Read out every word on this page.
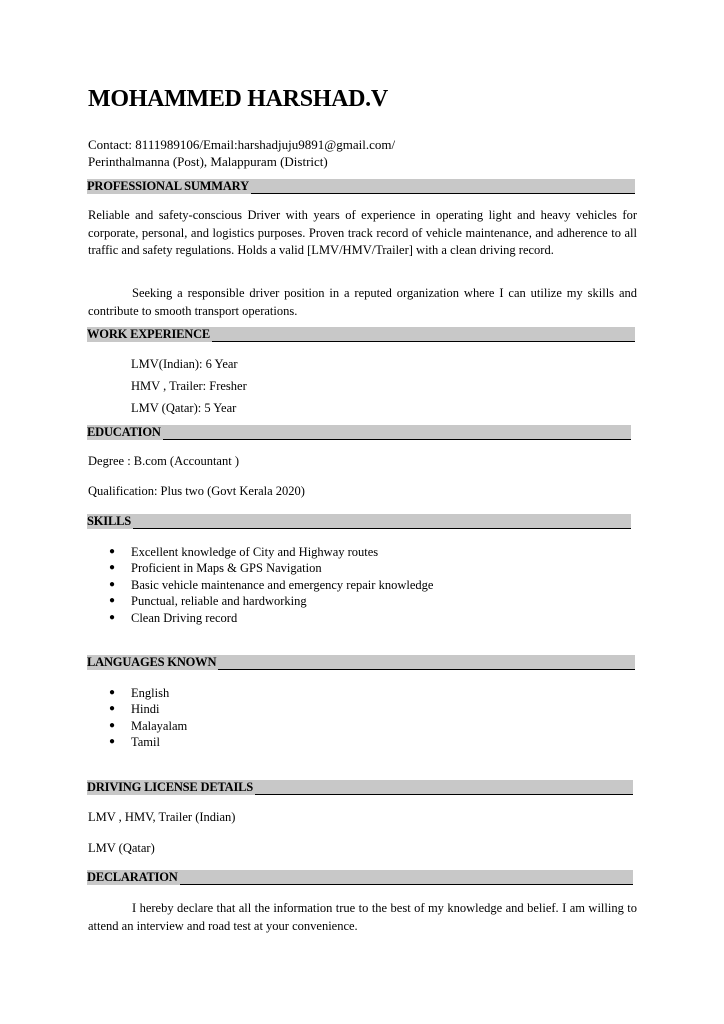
MOHAMMED HARSHAD.V
Contact: 8111989106/Email:harshadjuju9891@gmail.com/
Perinthalmanna (Post), Malappuram (District)
PROFESSIONAL SUMMARY
Reliable and safety-conscious Driver with years of experience in operating light and heavy vehicles for corporate, personal, and logistics purposes. Proven track record of vehicle maintenance, and adherence to all traffic and safety regulations. Holds a valid [LMV/HMV/Trailer] with a clean driving record.
Seeking a responsible driver position in a reputed organization where I can utilize my skills and contribute to smooth transport operations.
WORK EXPERIENCE
LMV(Indian): 6 Year
HMV , Trailer: Fresher
LMV (Qatar): 5 Year
EDUCATION
Degree : B.com (Accountant )
Qualification: Plus two (Govt Kerala 2020)
SKILLS
● Excellent knowledge of City and Highway routes
● Proficient in Maps & GPS Navigation
● Basic vehicle maintenance and emergency repair knowledge
● Punctual, reliable and hardworking
● Clean Driving record
LANGUAGES KNOWN
● English
● Hindi
● Malayalam
● Tamil
DRIVING LICENSE DETAILS
LMV , HMV, Trailer (Indian)
LMV (Qatar)
DECLARATION
I hereby declare that all the information true to the best of my knowledge and belief. I am willing to attend an interview and road test at your convenience.
